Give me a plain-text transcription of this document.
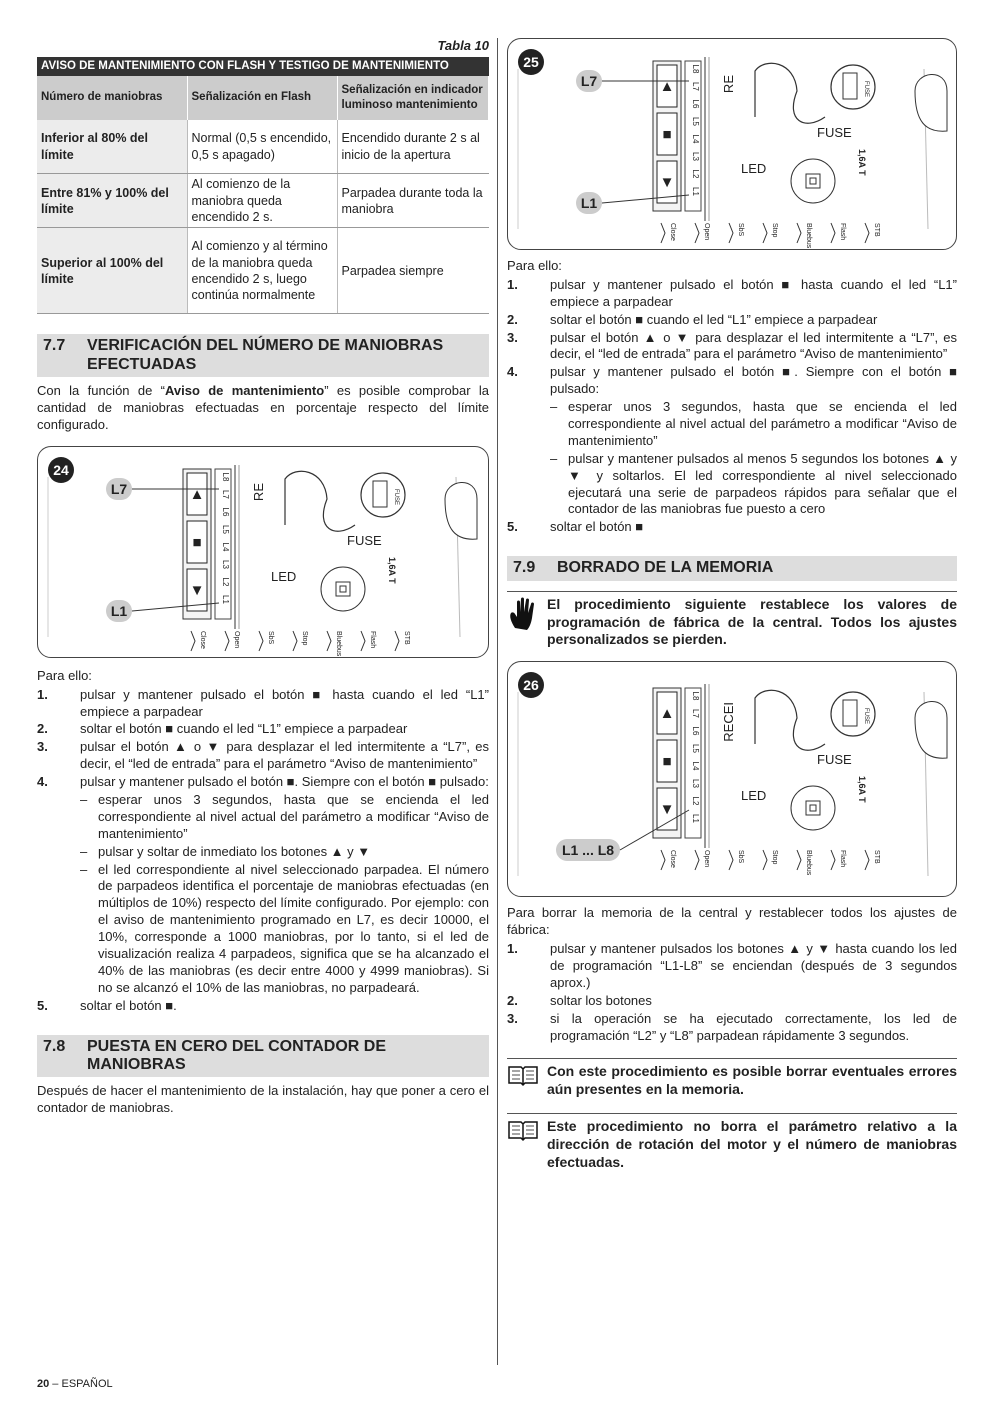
Tabla 10
AVISO DE MANTENIMIENTO CON FLASH Y TESTIGO DE MANTENIMIENTO		
Número de maniobras	Señalización en Flash	Señalización en indicador luminoso mantenimiento
Inferior al 80% del límite	Normal (0,5 s encendido, 0,5 s apagado)	Encendido durante 2 s al inicio de la apertura
Entre 81% y 100% del límite	Al comienzo de la maniobra queda encendido 2 s.	Parpadea durante toda la maniobra
Superior al 100% del límite	Al comienzo y al término de la maniobra queda encendido 2 s, luego continúa normalmente	Parpadea siempre
7.7	VERIFICACIÓN DEL NÚMERO DE MANIOBRAS EFECTUADAS

Con la función de “Aviso de mantenimiento” es posible comprobar la cantidad de maniobras efectuadas en porcentaje respecto del límite configurado.

▲
■
▼
L8
L7
L6
L5
L4
L3
L2
L1
RE	FUSE
FUSE
1,6A T
LED
Close	Open	SbS	Stop	Bluebus	Flash	STB
L7
L1
24

Para ello:

1.	pulsar y mantener pulsado el botón ■ hasta cuando el led “L1” empiece a parpadear
2.	soltar el botón ■ cuando el led “L1” empiece a parpadear
3.	pulsar el botón ▲ o ▼ para desplazar el led intermitente a “L7”, es decir, el “led de entrada” para el parámetro “Aviso de mantenimiento”
4.	pulsar y mantener pulsado el botón ■. Siempre con el botón ■ pulsado:
– esperar unos 3 segundos, hasta que se encienda el led correspondiente al nivel actual del parámetro a modificar “Aviso de mantenimiento”
– pulsar y soltar de inmediato los botones ▲ y ▼
– el led correspondiente al nivel seleccionado parpadea. El número de parpadeos identifica el porcentaje de maniobras efectuadas (en múltiplos de 10%) respecto del límite configurado. Por ejemplo: con el aviso de mantenimiento programado en L7, es decir 10000, el 10%, corresponde a 1000 maniobras, por lo tanto, si el led de visualización realiza 4 parpadeos, significa que se ha alcanzado el 40% de las maniobras (es decir entre 4000 y 4999 maniobras). Si no se alcanzó el 10% de las maniobras, no parpadeará.
5.	soltar el botón ■.
7.8	PUESTA EN CERO DEL CONTADOR DE MANIOBRAS

Después de hacer el mantenimiento de la instalación, hay que poner a cero el contador de maniobras.

▲
■
▼
L8
L7
L6
L5
L4
L3
L2
L1
RE	FUSE
FUSE
1,6A T
LED
Close	Open	SbS	Stop	Bluebus	Flash	STB
L7
L1
25

Para ello:

1.	pulsar y mantener pulsado el botón ■ hasta cuando el led “L1” empiece a parpadear
2.	soltar el botón ■ cuando el led “L1” empiece a parpadear
3.	pulsar el botón ▲ o ▼ para desplazar el led intermitente a “L7”, es decir, el “led de entrada” para el parámetro “Aviso de mantenimiento”
4.	pulsar y mantener pulsado el botón ■. Siempre con el botón ■ pulsado:
– esperar unos 3 segundos, hasta que se encienda el led correspondiente al nivel actual del parámetro a modificar “Aviso de mantenimiento”
– pulsar y mantener pulsados al menos 5 segundos los botones ▲ y ▼ y soltarlos. El led correspondiente al nivel seleccionado ejecutará una serie de parpadeos rápidos para señalar que el contador de las maniobras fue puesto a cero
5.	soltar el botón ■
7.9	BORRADO DE LA MEMORIA
El procedimiento siguiente restablece los valores de programación de fábrica de la central. Todos los ajustes personalizados se pierden.
▲
■
▼
L8
L7
L6
L5
L4
L3
L2
L1
RECEI	FUSE
FUSE
1,6A T
LED
Close	Open	SbS	Stop	Bluebus	Flash	STB
L1 ... L8
26

Para borrar la memoria de la central y restablecer todos los ajustes de fábrica:

1.	pulsar y mantener pulsados los botones ▲ y ▼ hasta cuando los led de programación “L1-L8” se enciendan (después de 3 segundos aprox.)
2.	soltar los botones
3.	si la operación se ha ejecutado correctamente, los led de programación “L2” y “L8” parpadean rápidamente 3 segundos.
Con este procedimiento es posible borrar eventuales errores aún presentes en la memoria.
Este procedimiento no borra el parámetro relativo a la dirección de rotación del motor y el número de maniobras efectuadas.
20 – ESPAÑOL
